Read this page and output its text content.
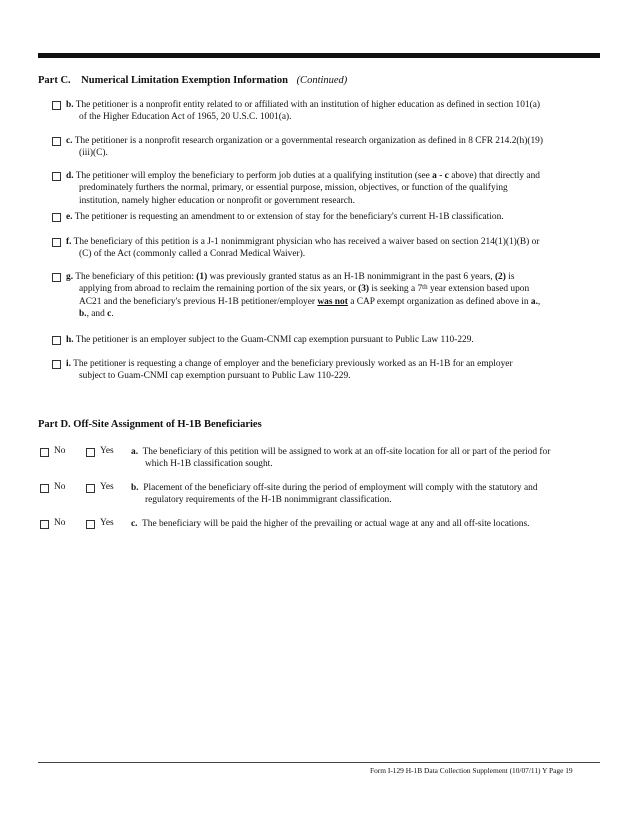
Part C. Numerical Limitation Exemption Information (Continued)
b. The petitioner is a nonprofit entity related to or affiliated with an institution of higher education as defined in section 101(a)
of the Higher Education Act of 1965, 20 U.S.C. 1001(a).
c. The petitioner is a nonprofit research organization or a governmental research organization as defined in 8 CFR 214.2(h)(19)
(iii)(C).
d. The petitioner will employ the beneficiary to perform job duties at a qualifying institution (see a - c above) that directly and
predominately furthers the normal, primary, or essential purpose, mission, objectives, or function of the qualifying
institution, namely higher education or nonprofit or government research.
e. The petitioner is requesting an amendment to or extension of stay for the beneficiary's current H-1B classification.
f. The beneficiary of this petition is a J-1 nonimmigrant physician who has received a waiver based on section 214(1)(1)(B) or
(C) of the Act (commonly called a Conrad Medical Waiver).
g. The beneficiary of this petition: (1) was previously granted status as an H-1B nonimmigrant in the past 6 years, (2) is
applying from abroad to reclaim the remaining portion of the six years, or (3) is seeking a 7th year extension based upon
AC21 and the beneficiary's previous H-1B petitioner/employer was not a CAP exempt organization as defined above in a.,
b., and c.
h. The petitioner is an employer subject to the Guam-CNMI cap exemption pursuant to Public Law 110-229.
i. The petitioner is requesting a change of employer and the beneficiary previously worked as an H-1B for an employer
subject to Guam-CNMI cap exemption pursuant to Public Law 110-229.
Part D. Off-Site Assignment of H-1B Beneficiaries
No	Yes a. The beneficiary of this petition will be assigned to work at an off-site location for all or part of the period for
which H-1B classification sought.
No	Yes b. Placement of the beneficiary off-site during the period of employment will comply with the statutory and
regulatory requirements of the H-1B nonimmigrant classification.
No	Yes c. The beneficiary will be paid the higher of the prevailing or actual wage at any and all off-site locations.
Form I-129 H-1B Data Collection Supplement (10/07/11) Y Page 19
